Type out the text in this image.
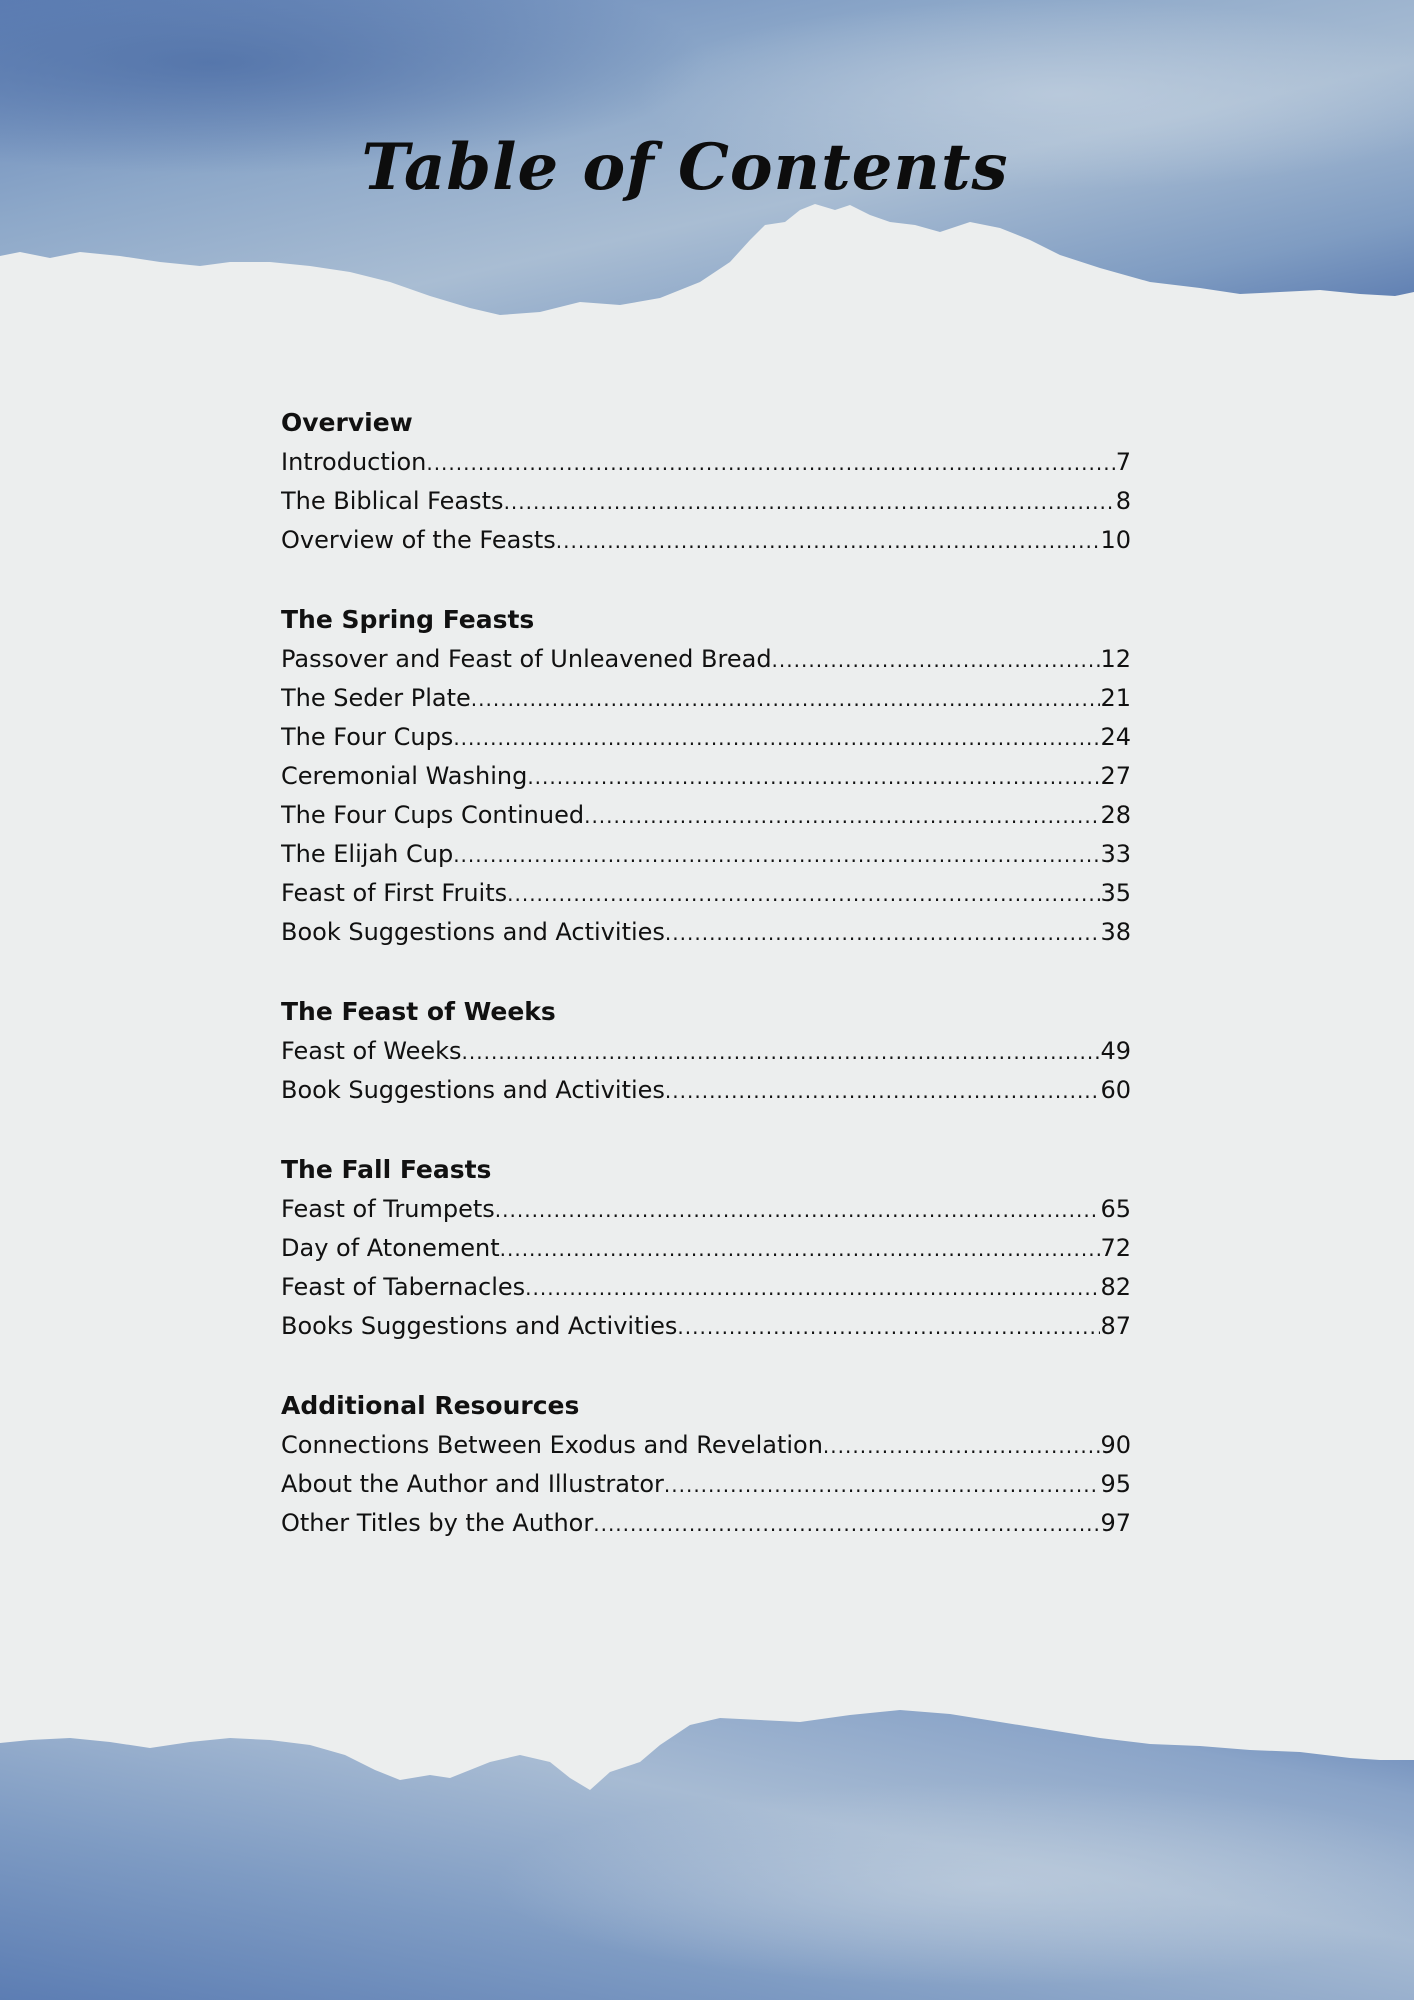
Table of Contents
Overview
Introduction .....	7
The Biblical Feasts .....	8
Overview of the Feasts .....	10
The Spring Feasts
Passover and Feast of Unleavened Bread .....	12
The Seder Plate .....	21
The Four Cups .....	24
Ceremonial Washing .....	27
The Four Cups Continued .....	28
The Elijah Cup .....	33
Feast of First Fruits .....	35
Book Suggestions and Activities .....	38
The Feast of Weeks
Feast of Weeks .....	49
Book Suggestions and Activities .....	60
The Fall Feasts
Feast of Trumpets .....	65
Day of Atonement .....	72
Feast of Tabernacles .....	82
Books Suggestions and Activities .....	87
Additional Resources
Connections Between Exodus and Revelation .....	90
About the Author and Illustrator .....	95
Other Titles by the Author .....	97
